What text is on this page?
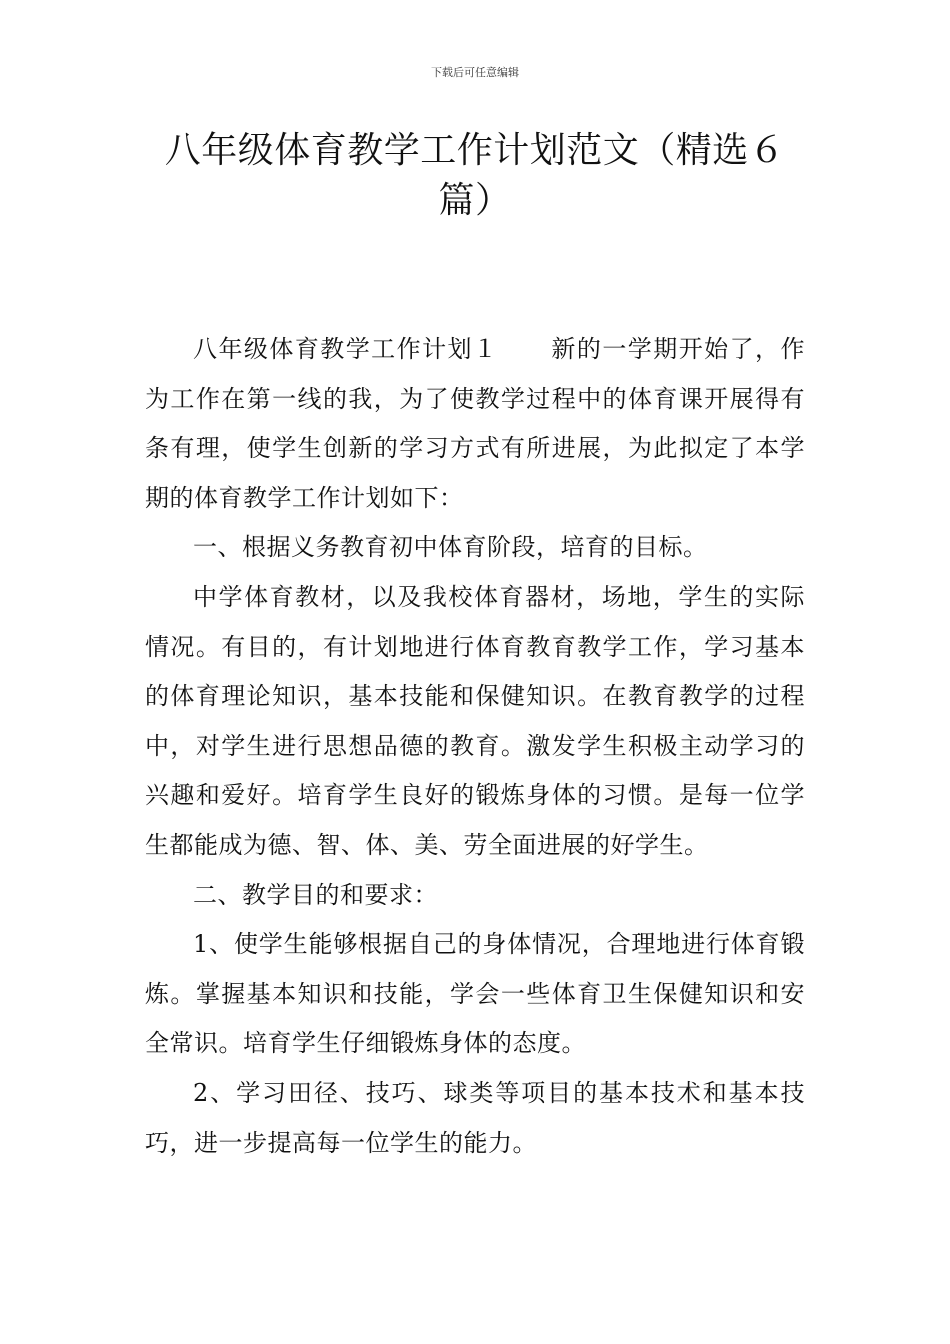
下载后可任意编辑
八年级体育教学工作计划范文（精选６篇）

八年级体育教学工作计划１ 新的一学期开始了，作为工作在第一线的我，为了使教学过程中的体育课开展得有条有理，使学生创新的学习方式有所进展，为此拟定了本学期的体育教学工作计划如下：

一、根据义务教育初中体育阶段，培育的目标。

中学体育教材，以及我校体育器材，场地，学生的实际情况。有目的，有计划地进行体育教育教学工作，学习基本的体育理论知识，基本技能和保健知识。在教育教学的过程中，对学生进行思想品德的教育。激发学生积极主动学习的兴趣和爱好。培育学生良好的锻炼身体的习惯。是每一位学生都能成为德、智、体、美、劳全面进展的好学生。

二、教学目的和要求：

1、使学生能够根据自己的身体情况，合理地进行体育锻炼。掌握基本知识和技能，学会一些体育卫生保健知识和安全常识。培育学生仔细锻炼身体的态度。

2、学习田径、技巧、球类等项目的基本技术和基本技巧，进一步提高每一位学生的能力。
